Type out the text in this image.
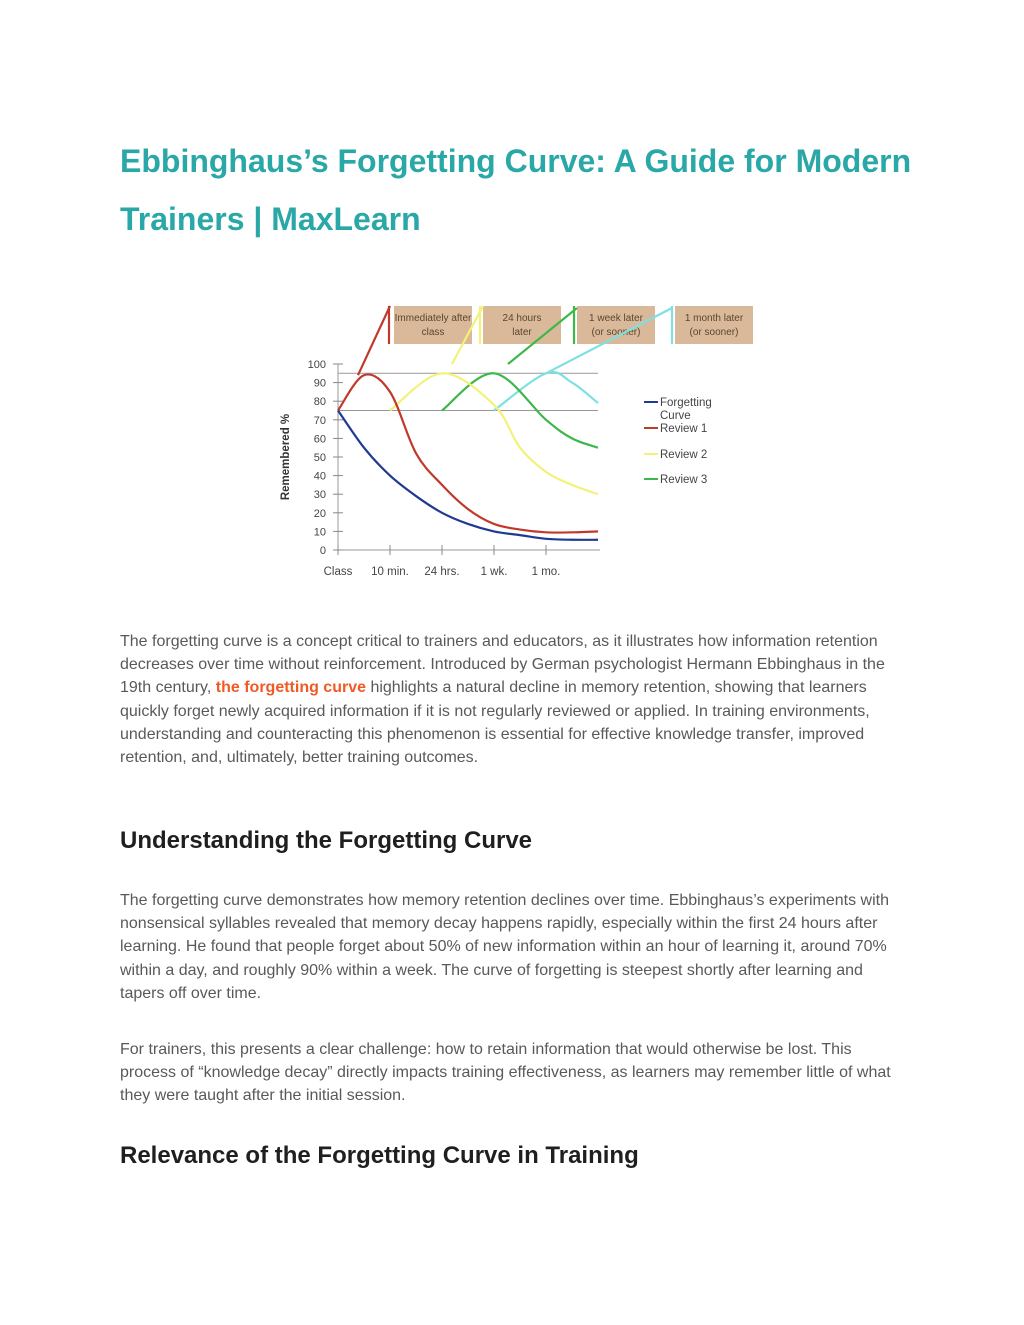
Ebbinghaus’s Forgetting Curve: A Guide for Modern Trainers | MaxLearn
0
10
20
30
40
50
60
70
80
90
100
Remembered %
Class 10 min. 24 hrs. 1 wk. 1 mo.
Immediately after
class
24 hours
later
1 week later
(or sooner)
1 month later
(or sooner)
Forgetting
Curve
Review 1
Review 2
Review 3

The forgetting curve is a concept critical to trainers and educators, as it illustrates how information retention decreases over time without reinforcement. Introduced by German psychologist Hermann Ebbinghaus in the 19th century, the forgetting curve highlights a natural decline in memory retention, showing that learners quickly forget newly acquired information if it is not regularly reviewed or applied. In training environments, understanding and counteracting this phenomenon is essential for effective knowledge transfer, improved retention, and, ultimately, better training outcomes.

Understanding the Forgetting Curve

The forgetting curve demonstrates how memory retention declines over time. Ebbinghaus’s experiments with nonsensical syllables revealed that memory decay happens rapidly, especially within the first 24 hours after learning. He found that people forget about 50% of new information within an hour of learning it, around 70% within a day, and roughly 90% within a week. The curve of forgetting is steepest shortly after learning and tapers off over time.

For trainers, this presents a clear challenge: how to retain information that would otherwise be lost. This process of “knowledge decay” directly impacts training effectiveness, as learners may remember little of what they were taught after the initial session.

Relevance of the Forgetting Curve in Training
